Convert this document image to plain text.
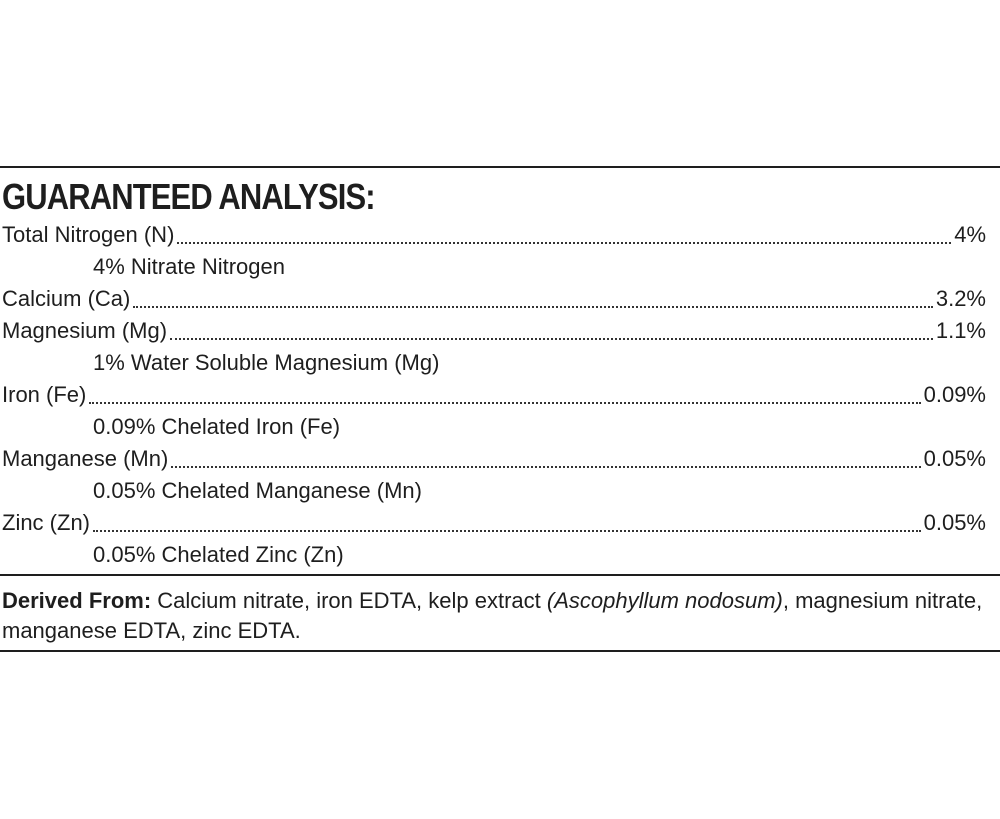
GUARANTEED ANALYSIS:
Total Nitrogen (N)	4%
4% Nitrate Nitrogen
Calcium (Ca)	3.2%
Magnesium (Mg)	1.1%
1% Water Soluble Magnesium (Mg)
Iron (Fe)	0.09%
0.09% Chelated Iron (Fe)
Manganese (Mn)	0.05%
0.05% Chelated Manganese (Mn)
Zinc (Zn)	0.05%
0.05% Chelated Zinc (Zn)

Derived From: Calcium nitrate, iron EDTA, kelp extract (Ascophyllum nodosum), magnesium nitrate, manganese EDTA, zinc EDTA.
